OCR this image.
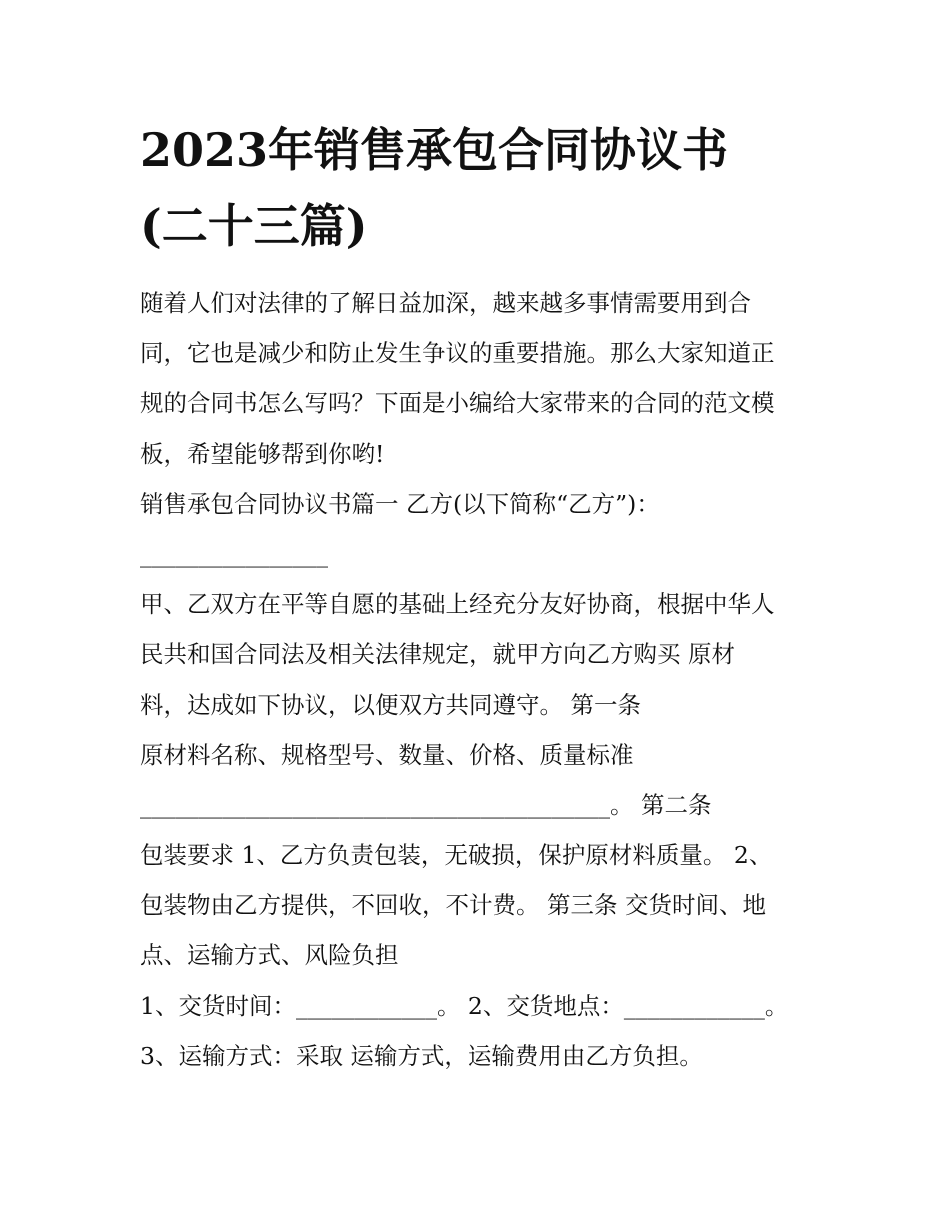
2023年销售承包合同协议书
(二十三篇)
随着人们对法律的了解日益加深，越来越多事情需要用到合
同，它也是减少和防止发生争议的重要措施。那么大家知道正
规的合同书怎么写吗？下面是小编给大家带来的合同的范文模
板，希望能够帮到你哟!
销售承包合同协议书篇一 乙方(以下简称“乙方”)：
________________
甲、乙双方在平等自愿的基础上经充分友好协商，根据中华人
民共和国合同法及相关法律规定，就甲方向乙方购买 原材
料，达成如下协议，以便双方共同遵守。 第一条
原材料名称、规格型号、数量、价格、质量标准
________________________________________。 第二条
包装要求 1、乙方负责包装，无破损，保护原材料质量。 2、
包装物由乙方提供，不回收，不计费。 第三条 交货时间、地
点、运输方式、风险负担
1、交货时间：____________。 2、交货地点：____________。
3、运输方式：采取 运输方式，运输费用由乙方负担。
